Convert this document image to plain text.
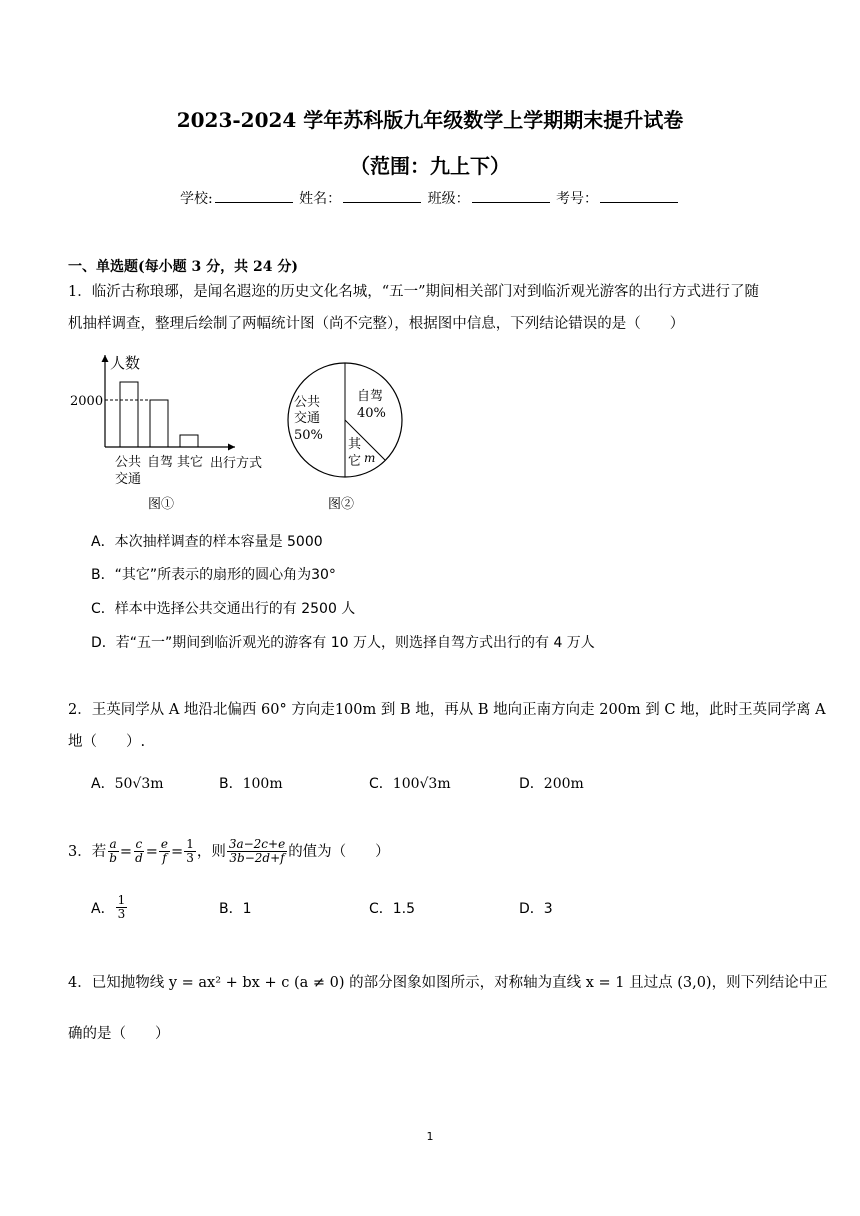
2023-2024 学年苏科版九年级数学上学期期末提升试卷
（范围：九上下）
学校:	姓名：	班级：	考号：
一、单选题(每小题 3 分，共 24 分)
1．临沂古称琅琊，是闻名遐迩的历史文化名城，“五一”期间相关部门对到临沂观光游客的出行方式进行了随
机抽样调查，整理后绘制了两幅统计图（尚不完整），根据图中信息，下列结论错误的是（　　）
人数
2000
公共
交通
自驾 其它 出行方式
图①
公共
交通
50%
自驾
40%
其
它 m
图②
A．本次抽样调查的样本容量是 5000
B．“其它”所表示的扇形的圆心角为30°
C．样本中选择公共交通出行的有 2500 人
D．若“五一”期间到临沂观光的游客有 10 万人，则选择自驾方式出行的有 4 万人
2．王英同学从 A 地沿北偏西 60° 方向走100m 到 B 地，再从 B 地向正南方向走 200m 到 C 地，此时王英同学离 A
地（　　）.
A．50√3m	B．100m	C．100√3m	D．200m
3．若 $\frac{a}{b} = \frac{c}{d} = \frac{e}{f} = \frac{1}{3}$ ，则 $\frac{3a-2c+e}{3b-2d+f}$ 的值为（　　）
A． $\frac{1}{3}$	B．1	C．1.5	D．3
4．已知抛物线 y = ax² + bx + c (a ≠ 0) 的部分图象如图所示，对称轴为直线 x = 1 且过点 (3,0)，则下列结论中正
确的是（　　）
1
